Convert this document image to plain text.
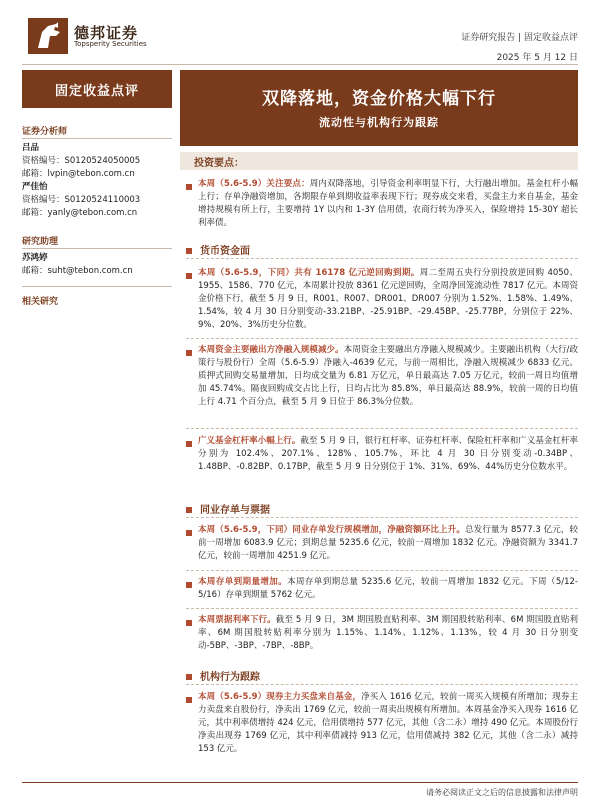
德邦证券
Topsperity Securities
证券研究报告 | 固定收益点评
2025 年 5 月 12 日
固定收益点评
证券分析师
吕品
资格编号：S0120524050005
邮箱：lvpin@tebon.com.cn
严佳怡
资格编号：S0120524110003
邮箱：yanly@tebon.com.cn
研究助理
苏鸿婷
邮箱：suht@tebon.com.cn
相关研究
双降落地，资金价格大幅下行
流动性与机构行为跟踪
投资要点：
本周（5.6-5.9）关注要点：周内双降落地，引导资金利率明显下行，大行融出增加。基金杠杆小幅上行；存单净融资增加，各期限存单到期收益率表现下行；现券成交来看，买盘主力来自基金，基金增持规模有所上行，主要增持 1Y 以内和 1-3Y 信用债，农商行转为净买入，保险增持 15-30Y 超长利率债。
货币资金面
本周（5.6-5.9，下同）共有 16178 亿元逆回购到期。周二至周五央行分别投放逆回购 4050、1955、1586、770 亿元，本周累计投放 8361 亿元逆回购，全周净回笼流动性 7817 亿元。本周资金价格下行，截至 5 月 9 日，R001、R007、DR001、DR007 分别为 1.52%、1.58%、1.49%、1.54%，较 4 月 30 日分别变动-33.21BP、-25.91BP、-29.45BP、-25.77BP，分别位于 22%、9%、20%、3%历史分位数。
本周资金主要融出方净融入规模减少。本周资金主要融出方净融入规模减少。主要融出机构（大行/政策行与股份行）全周（5.6-5.9）净融入-4639 亿元，与前一周相比，净融入规模减少 6833 亿元。质押式回购交易量增加，日均成交量为 6.81 万亿元，单日最高达 7.05 万亿元，较前一周日均值增加 45.74%。隔夜回购成交占比上行，日均占比为 85.8%，单日最高达 88.9%，较前一周的日均值上行 4.71 个百分点，截至 5 月 9 日位于 86.3%分位数。
广义基金杠杆率小幅上行。截至 5 月 9 日，银行杠杆率、证券杠杆率、保险杠杆率和广义基金杠杆率分别为 102.4%、207.1%、128%、105.7%，环比 4 月 30 日分别变动-0.34BP、1.48BP、-0.82BP、0.17BP，截至 5 月 9 日分别位于 1%、31%、69%、44%历史分位数水平。
同业存单与票据
本周（5.6-5.9，下同）同业存单发行规模增加，净融资额环比上升。总发行量为 8577.3 亿元，较前一周增加 6083.9 亿元；到期总量 5235.6 亿元，较前一周增加 1832 亿元。净融资额为 3341.7 亿元，较前一周增加 4251.9 亿元。
本周存单到期量增加。本周存单到期总量 5235.6 亿元，较前一周增加 1832 亿元。下周（5/12-5/16）存单到期量 5762 亿元。
本周票据利率下行。截至 5 月 9 日，3M 期国股直贴利率、3M 期国股转贴利率、6M 期国股直贴利率、6M 期国股转贴利率分别为 1.15%、1.14%、1.12%、1.13%，较 4 月 30 日分别变动-5BP、-3BP、-7BP、-8BP。
机构行为跟踪
本周（5.6-5.9）现券主力买盘来自基金，净买入 1616 亿元，较前一周买入规模有所增加；现券主力卖盘来自股份行，净卖出 1769 亿元，较前一周卖出规模有所增加。本周基金净买入现券 1616 亿元，其中利率债增持 424 亿元，信用债增持 577 亿元，其他（含二永）增持 490 亿元。本周股份行净卖出现券 1769 亿元，其中利率债减持 913 亿元，信用债减持 382 亿元，其他（含二永）减持 153 亿元。
请务必阅读正文之后的信息披露和法律声明
